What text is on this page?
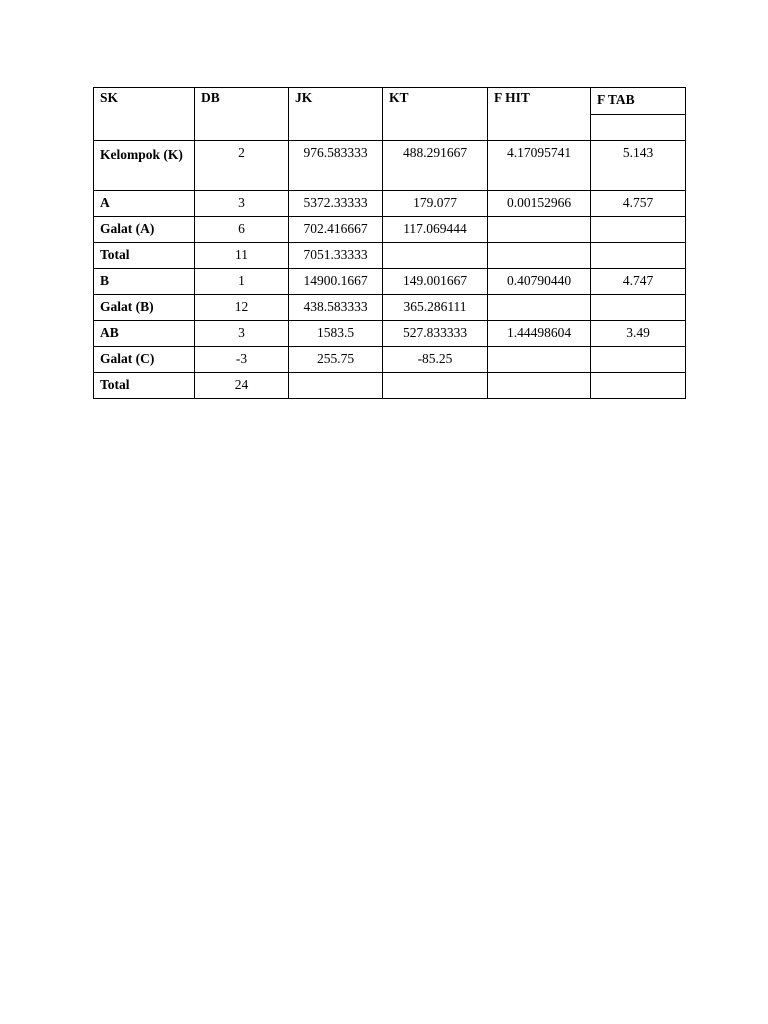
SK	DB	JK	KT	F HIT	F TAB

Kelompok (K)	2	976.583333	488.291667	4.17095741	5.143
A	3	5372.33333	179.077	0.00152966	4.757
Galat (A)	6	702.416667	117.069444		
Total	11	7051.33333			
B	1	14900.1667	149.001667	0.40790440	4.747
Galat (B)	12	438.583333	365.286111		
AB	3	1583.5	527.833333	1.44498604	3.49
Galat (C)	-3	255.75	-85.25		
Total	24				
